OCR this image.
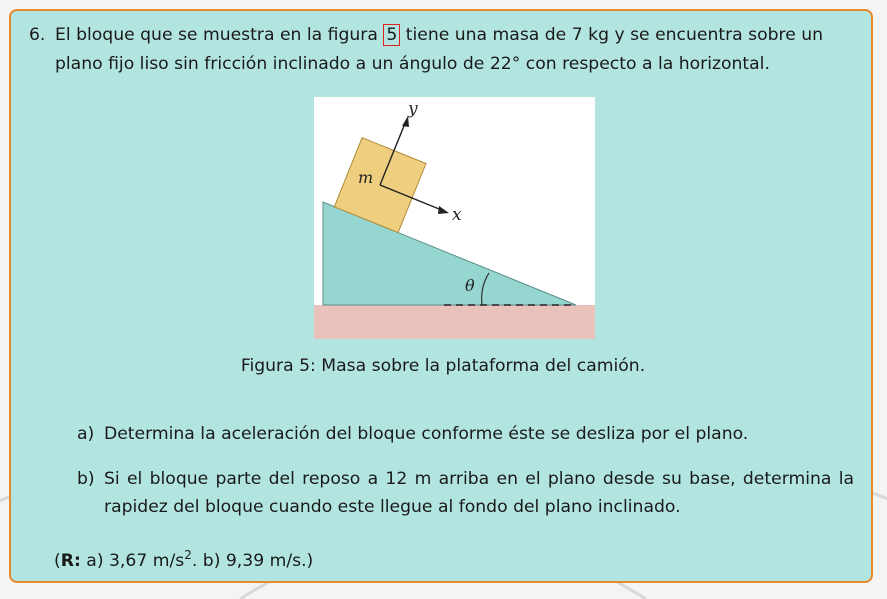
6. El bloque que se muestra en la figura 5 tiene una masa de 7 kg y se encuentra sobre un plano fijo liso sin fricción inclinado a un ángulo de 22° con respecto a la horizontal.
y
x
m
θ
Figura 5: Masa sobre la plataforma del camión.
a) Determina la aceleración del bloque conforme éste se desliza por el plano.
b) Si el bloque parte del reposo a 12 m arriba en el plano desde su base, determina la rapidez del bloque cuando este llegue al fondo del plano inclinado.
(R: a) 3,67 $m/s^2$. b) 9,39 m/s.)
